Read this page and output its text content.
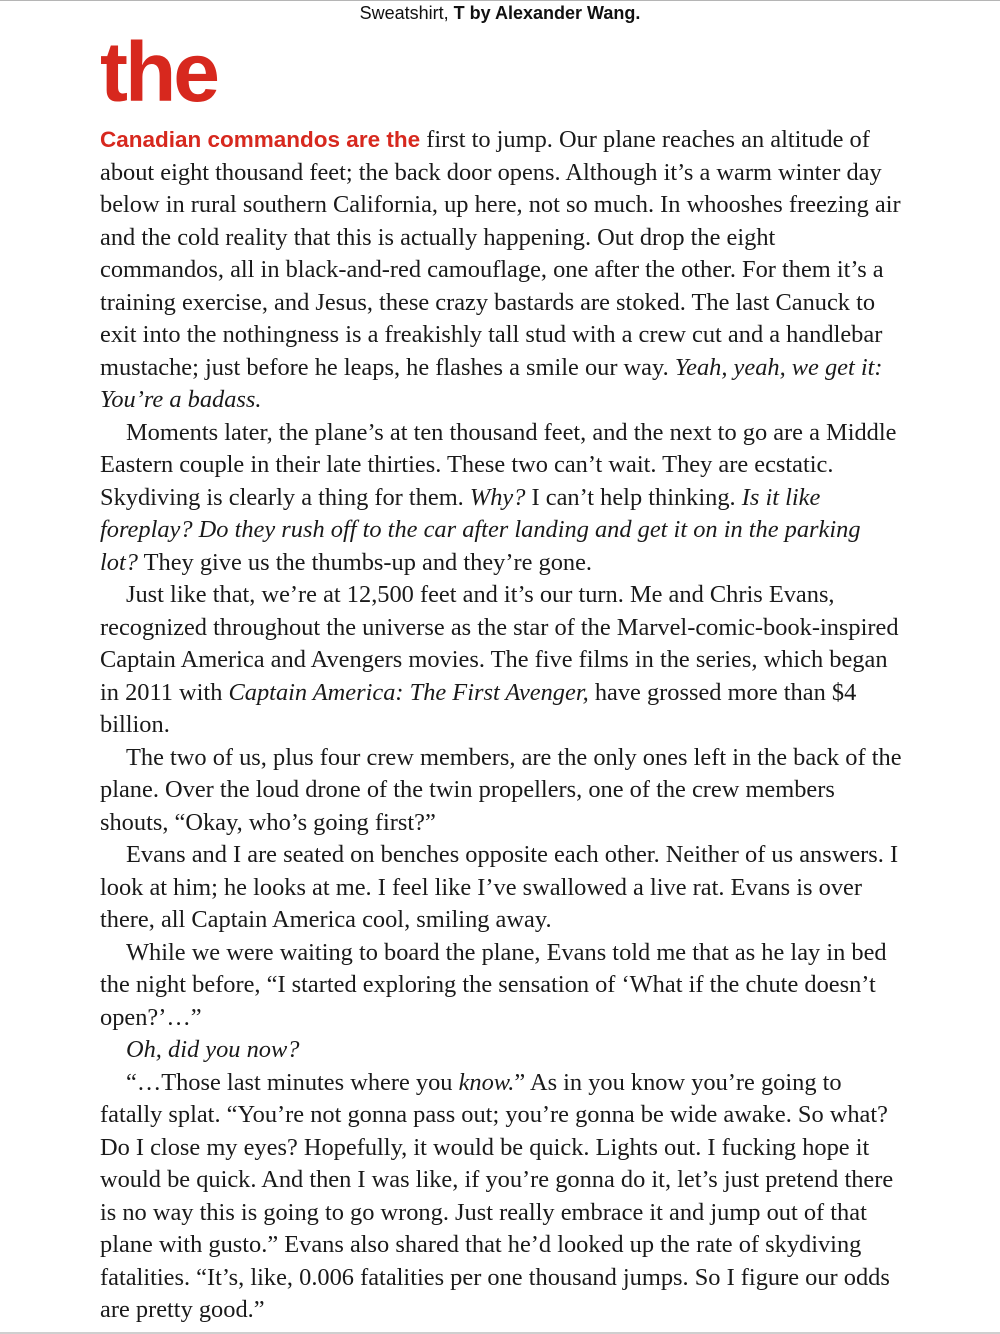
Sweatshirt, T by Alexander Wang.
the

Canadian commandos are the first to jump. Our plane reaches an altitude of about eight thousand feet; the back door opens. Although it’s a warm winter day below in rural southern California, up here, not so much. In whooshes freezing air and the cold reality that this is actually happening. Out drop the eight commandos, all in black-and-red camouflage, one after the other. For them it’s a training exercise, and Jesus, these crazy bastards are stoked. The last Canuck to exit into the nothingness is a freakishly tall stud with a crew cut and a handlebar mustache; just before he leaps, he flashes a smile our way. Yeah, yeah, we get it: You’re a badass.

Moments later, the plane’s at ten thousand feet, and the next to go are a Middle Eastern couple in their late thirties. These two can’t wait. They are ecstatic. Skydiving is clearly a thing for them. Why? I can’t help thinking. Is it like foreplay? Do they rush off to the car after landing and get it on in the parking lot? They give us the thumbs-up and they’re gone.

Just like that, we’re at 12,500 feet and it’s our turn. Me and Chris Evans, recognized throughout the universe as the star of the Marvel-comic-book-inspired Captain America and Avengers movies. The five films in the series, which began in 2011 with Captain America: The First Avenger, have grossed more than $4 billion.

The two of us, plus four crew members, are the only ones left in the back of the plane. Over the loud drone of the twin propellers, one of the crew members shouts, “Okay, who’s going first?”

Evans and I are seated on benches opposite each other. Neither of us answers. I look at him; he looks at me. I feel like I’ve swallowed a live rat. Evans is over there, all Captain America cool, smiling away.

While we were waiting to board the plane, Evans told me that as he lay in bed the night before, “I started exploring the sensation of ‘What if the chute doesn’t open?’…”

Oh, did you now?

“…Those last minutes where you know.” As in you know you’re going to fatally splat. “You’re not gonna pass out; you’re gonna be wide awake. So what? Do I close my eyes? Hopefully, it would be quick. Lights out. I fucking hope it would be quick. And then I was like, if you’re gonna do it, let’s just pretend there is no way this is going to go wrong. Just really embrace it and jump out of that plane with gusto.” Evans also shared that he’d looked up the rate of skydiving fatalities. “It’s, like, 0.006 fatalities per one thousand jumps. So I figure our odds are pretty good.”
